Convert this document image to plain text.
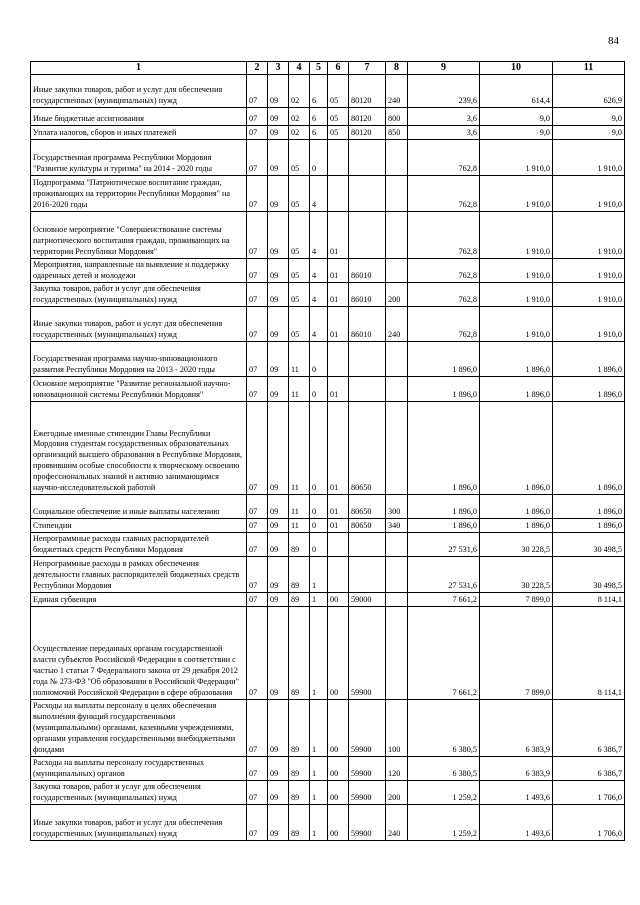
84
1	2	3	4	5	6	7	8	9	10	11
Иные закупки товаров, работ и услуг для обеспечения государственных (муниципальных) нужд	07	09	02	6	05	80120	240	239,6	614,4	626,9
Иные бюджетные ассигнования	07	09	02	6	05	80120	800	3,6	9,0	9,0
Уплата налогов, сборов и иных платежей	07	09	02	6	05	80120	850	3,6	9,0	9,0
Государственная программа Республики Мордовия "Развитие культуры и туризма" на 2014 - 2020 годы	07	09	05	0				762,8	1 910,0	1 910,0
Подпрограмма "Патриотическое воспитание граждан, проживающих на территории Республики Мордовия" на 2016-2020 годы	07	09	05	4				762,8	1 910,0	1 910,0
Основное мероприятие "Совершенствование системы патриотического воспитания граждан, проживающих на территории Республики Мордовия"	07	09	05	4	01			762,8	1 910,0	1 910,0
Мероприятия, направленные на выявление и поддержку одаренных детей и молодежи	07	09	05	4	01	86010		762,8	1 910,0	1 910,0
Закупка товаров, работ и услуг для обеспечения государственных (муниципальных) нужд	07	09	05	4	01	86010	200	762,8	1 910,0	1 910,0
Иные закупки товаров, работ и услуг для обеспечения государственных (муниципальных) нужд	07	09	05	4	01	86010	240	762,8	1 910,0	1 910,0
Государственная программа научно-инновационного развития Республики Мордовия на 2013 - 2020 годы	07	09	11	0				1 896,0	1 896,0	1 896,0
Основное мероприятие "Развитие региональной научно-инновационной системы Республики Мордовия"	07	09	11	0	01			1 896,0	1 896,0	1 896,0
Ежегодные именные стипендии Главы Республики Мордовия студентам государственных образовательных организаций высшего образования в Республике Мордовия, проявившим особые способности к творческому освоению профессиональных знаний и активно занимающимся научно-исследовательской работой	07	09	11	0	01	80650		1 896,0	1 896,0	1 896,0
Социальное обеспечение и иные выплаты населению	07	09	11	0	01	80650	300	1 896,0	1 896,0	1 896,0
Стипендии	07	09	11	0	01	80650	340	1 896,0	1 896,0	1 896,0
Непрограммные расходы главных распорядителей бюджетных средств Республики Мордовия	07	09	89	0				27 531,6	30 228,5	30 498,5
Непрограммные расходы в рамках обеспечения деятельности главных распорядителей бюджетных средств Республики Мордовия	07	09	89	1				27 531,6	30 228,5	30 498,5
Единая субвенция	07	09	89	1	00	59000		7 661,2	7 899,0	8 114,1
Осуществление переданных органам государственной власти субъектов Российской Федерации в соответствии с частью 1 статьи 7 Федерального закона от 29 декабря 2012 года № 273-ФЗ "Об образовании в Российской Федерации" полномочий Российской Федерации в сфере образования	07	09	89	1	00	59900		7 661,2	7 899,0	8 114,1
Расходы на выплаты персоналу в целях обеспечения выполнения функций государственными (муниципальными) органами, казенными учреждениями, органами управления государственными внебюджетными фондами	07	09	89	1	00	59900	100	6 380,5	6 383,9	6 386,7
Расходы на выплаты персоналу государственных (муниципальных) органов	07	09	89	1	00	59900	120	6 380,5	6 383,9	6 386,7
Закупка товаров, работ и услуг для обеспечения государственных (муниципальных) нужд	07	09	89	1	00	59900	200	1 259,2	1 493,6	1 706,0
Иные закупки товаров, работ и услуг для обеспечения государственных (муниципальных) нужд	07	09	89	1	00	59900	240	1 259,2	1 493,6	1 706,0
